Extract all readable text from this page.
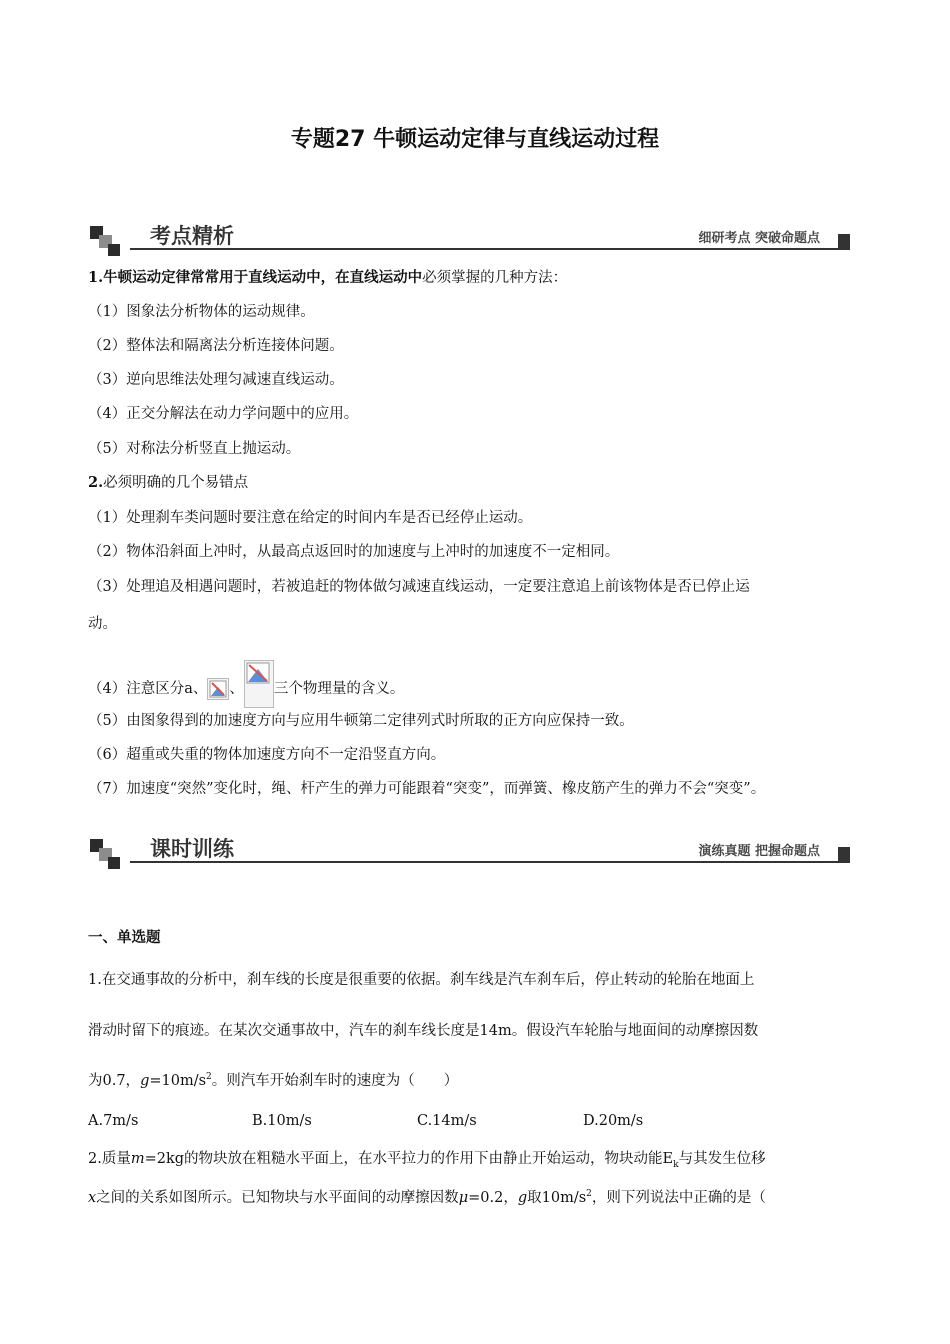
专题27 牛顿运动定律与直线运动过程
考点精析	细研考点 突破命题点
1.牛顿运动定律常常用于直线运动中，在直线运动中必须掌握的几种方法：
（1）图象法分析物体的运动规律。
（2）整体法和隔离法分析连接体问题。
（3）逆向思维法处理匀减速直线运动。
（4）正交分解法在动力学问题中的应用。
（5）对称法分析竖直上抛运动。
2.必须明确的几个易错点
（1）处理刹车类问题时要注意在给定的时间内车是否已经停止运动。
（2）物体沿斜面上冲时，从最高点返回时的加速度与上冲时的加速度不一定相同。
（3）处理追及相遇问题时，若被追赶的物体做匀减速直线运动，一定要注意追上前该物体是否已停止运
动。
（4）注意区分a、 、 三个物理量的含义。
（5）由图象得到的加速度方向与应用牛顿第二定律列式时所取的正方向应保持一致。
（6）超重或失重的物体加速度方向不一定沿竖直方向。
（7）加速度“突然”变化时，绳、杆产生的弹力可能跟着“突变”，而弹簧、橡皮筋产生的弹力不会“突变”。
课时训练	演练真题 把握命题点
一、单选题
1.在交通事故的分析中，刹车线的长度是很重要的依据。刹车线是汽车刹车后，停止转动的轮胎在地面上
滑动时留下的痕迹。在某次交通事故中，汽车的刹车线长度是14m。假设汽车轮胎与地面间的动摩擦因数
为0.7，$g=10m/s^2$。则汽车开始刹车时的速度为（　　）
A.7m/s	B.10m/s	C.14m/s	D.20m/s
2.质量m=2kg的物块放在粗糙水平面上，在水平拉力的作用下由静止开始运动，物块动能$E_k$与其发生位移
x之间的关系如图所示。已知物块与水平面间的动摩擦因数μ=0.2，g取$10m/s^2$，则下列说法中正确的是（
